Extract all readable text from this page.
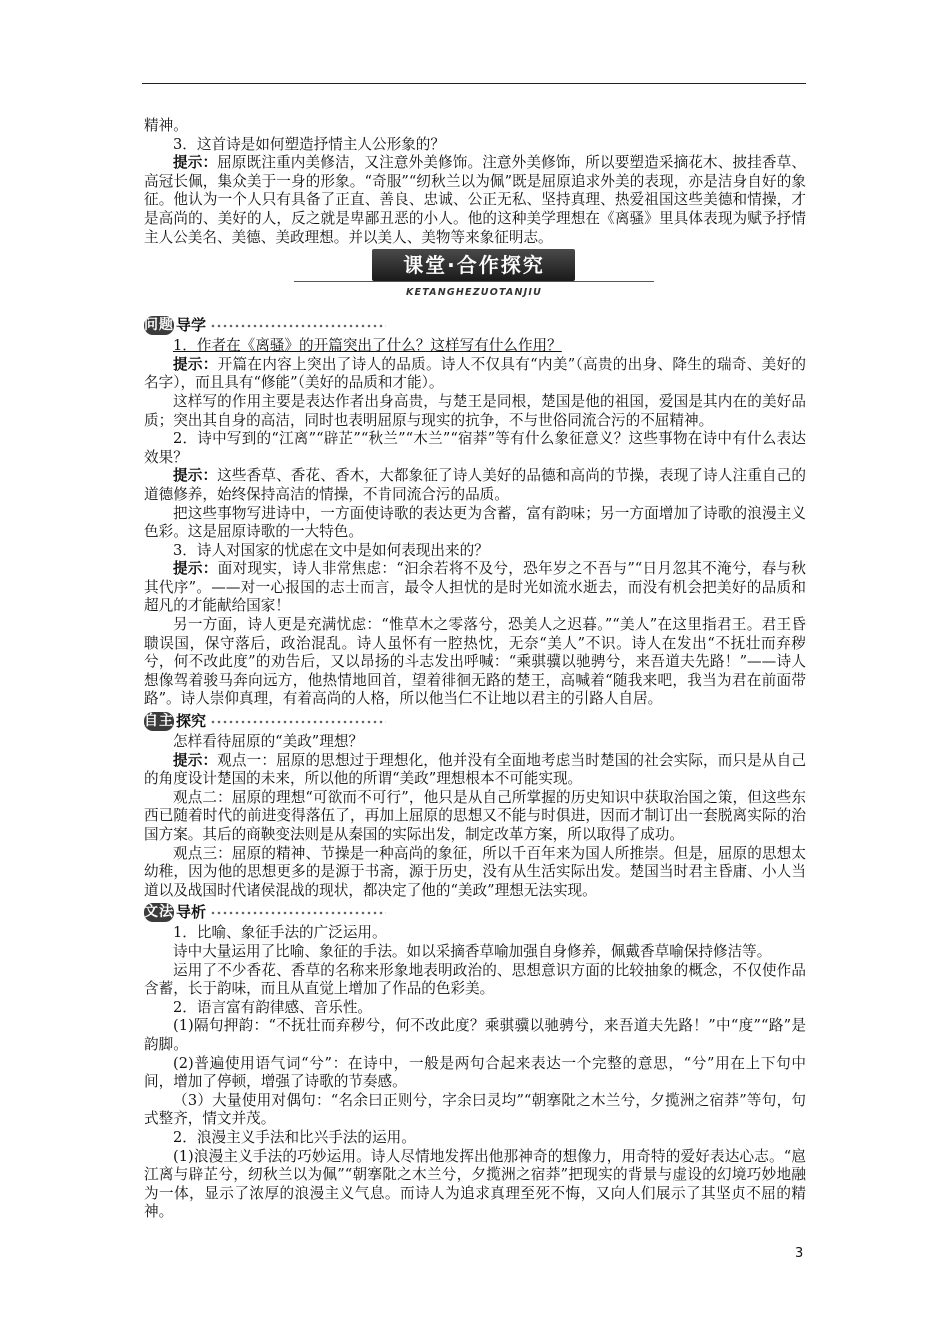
精神。

3．这首诗是如何塑造抒情主人公形象的？

提示：屈原既注重内美修洁，又注意外美修饰。注意外美修饰，所以要塑造采摘花木、披挂香草、高冠长佩，集众美于一身的形象。“奇服”“纫秋兰以为佩”既是屈原追求外美的表现，亦是洁身自好的象征。他认为一个人只有具备了正直、善良、忠诚、公正无私、坚持真理、热爱祖国这些美德和情操，才是高尚的、美好的人，反之就是卑鄙丑恶的小人。他的这种美学理想在《离骚》里具体表现为赋予抒情主人公美名、美德、美政理想。并以美人、美物等来象征明志。

课堂·合作探究
KETANGHEZUOTANJIU
问题 导学

1．作者在《离骚》的开篇突出了什么？这样写有什么作用？

提示：开篇在内容上突出了诗人的品质。诗人不仅具有“内美”（高贵的出身、降生的瑞奇、美好的名字），而且具有“修能”（美好的品质和才能）。

这样写的作用主要是表达作者出身高贵，与楚王是同根，楚国是他的祖国，爱国是其内在的美好品质；突出其自身的高洁，同时也表明屈原与现实的抗争，不与世俗同流合污的不屈精神。

2．诗中写到的“江离”“辟芷”“秋兰”“木兰”“宿莽”等有什么象征意义？这些事物在诗中有什么表达效果？

提示：这些香草、香花、香木，大都象征了诗人美好的品德和高尚的节操，表现了诗人注重自己的道德修养，始终保持高洁的情操，不肯同流合污的品质。

把这些事物写进诗中，一方面使诗歌的表达更为含蓄，富有韵味；另一方面增加了诗歌的浪漫主义色彩。这是屈原诗歌的一大特色。

3．诗人对国家的忧虑在文中是如何表现出来的？

提示：面对现实，诗人非常焦虑：“汩余若将不及兮，恐年岁之不吾与”“日月忽其不淹兮，春与秋其代序”。——对一心报国的志士而言，最令人担忧的是时光如流水逝去，而没有机会把美好的品质和超凡的才能献给国家！

另一方面，诗人更是充满忧虑：“惟草木之零落兮，恐美人之迟暮。”“美人”在这里指君王。君王昏聩误国，保守落后，政治混乱。诗人虽怀有一腔热忱，无奈“美人”不识。诗人在发出“不抚壮而弃秽兮，何不改此度”的劝告后，又以昂扬的斗志发出呼喊：“乘骐骥以驰骋兮，来吾道夫先路！”——诗人想像驾着骏马奔向远方，他热情地回首，望着徘徊无路的楚王，高喊着“随我来吧，我当为君在前面带路”。诗人崇仰真理，有着高尚的人格，所以他当仁不让地以君主的引路人自居。

自主 探究

怎样看待屈原的“美政”理想？

提示：观点一：屈原的思想过于理想化，他并没有全面地考虑当时楚国的社会实际，而只是从自己的角度设计楚国的未来，所以他的所谓“美政”理想根本不可能实现。

观点二：屈原的理想“可欲而不可行”，他只是从自己所掌握的历史知识中获取治国之策，但这些东西已随着时代的前进变得落伍了，再加上屈原的思想又不能与时俱进，因而才制订出一套脱离实际的治国方案。其后的商鞅变法则是从秦国的实际出发，制定改革方案，所以取得了成功。

观点三：屈原的精神、节操是一种高尚的象征，所以千百年来为国人所推崇。但是，屈原的思想太幼稚，因为他的思想更多的是源于书斋，源于历史，没有从生活实际出发。楚国当时君主昏庸、小人当道以及战国时代诸侯混战的现状，都决定了他的“美政”理想无法实现。

文法 导析

1．比喻、象征手法的广泛运用。

诗中大量运用了比喻、象征的手法。如以采摘香草喻加强自身修养，佩戴香草喻保持修洁等。

运用了不少香花、香草的名称来形象地表明政治的、思想意识方面的比较抽象的概念，不仅使作品含蓄，长于韵味，而且从直觉上增加了作品的色彩美。

2．语言富有韵律感、音乐性。

(1)隔句押韵：“不抚壮而弃秽兮，何不改此度？乘骐骥以驰骋兮，来吾道夫先路！”中“度”“路”是韵脚。

(2)普遍使用语气词“兮”：在诗中，一般是两句合起来表达一个完整的意思，“兮”用在上下句中间，增加了停顿，增强了诗歌的节奏感。

（3）大量使用对偶句：“名余曰正则兮，字余曰灵均”“朝搴阰之木兰兮，夕揽洲之宿莽”等句，句式整齐，情文并茂。

2．浪漫主义手法和比兴手法的运用。

(1)浪漫主义手法的巧妙运用。诗人尽情地发挥出他那神奇的想像力，用奇特的爱好表达心志。“扈江离与辟芷兮，纫秋兰以为佩”“朝搴阰之木兰兮，夕揽洲之宿莽”把现实的背景与虚设的幻境巧妙地融为一体，显示了浓厚的浪漫主义气息。而诗人为追求真理至死不悔，又向人们展示了其坚贞不屈的精神。

3
